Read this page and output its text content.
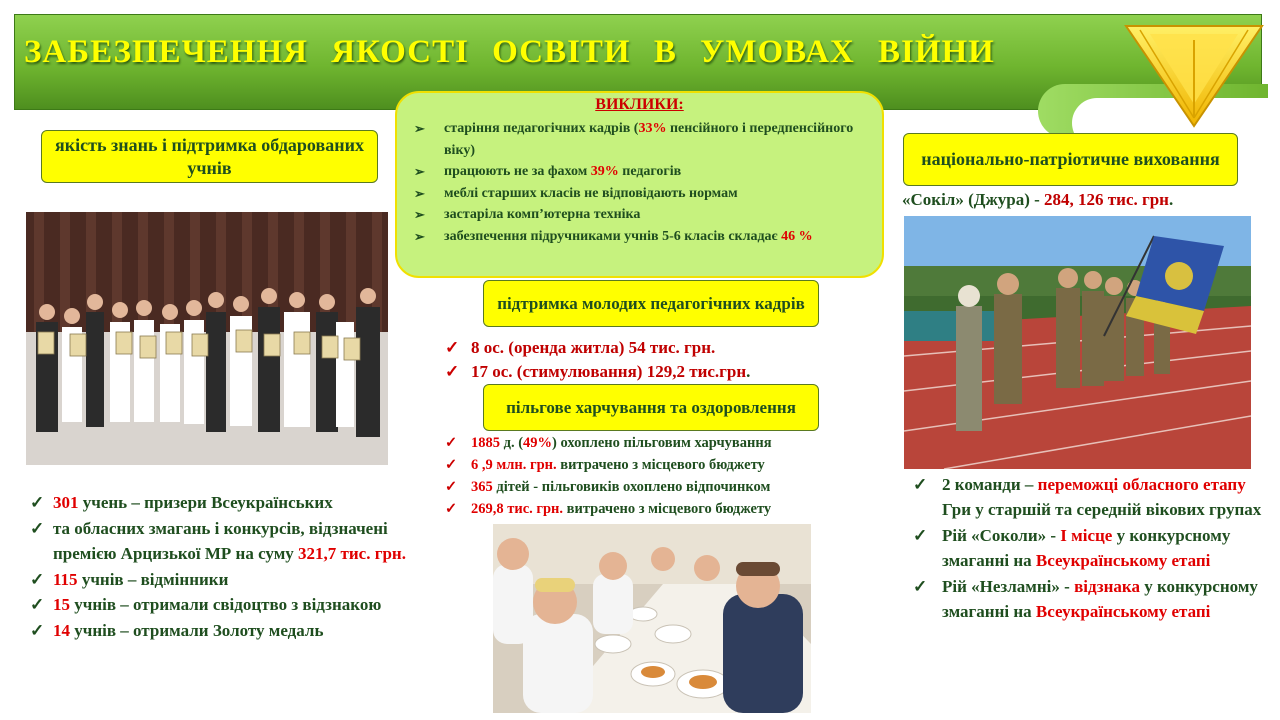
ЗАБЕЗПЕЧЕННЯ ЯКОСТІ ОСВІТИ В УМОВАХ ВІЙНИ
ВИКЛИКИ:
➢ старіння педагогічних кадрів (33% пенсійного і передпенсійного віку)
➢ працюють не за фахом 39% педагогів
➢ меблі старших класів не відповідають нормам
➢ застаріла комп’ютерна техніка
➢ забезпечення підручниками учнів 5-6 класів складає 46 %
якість знань і підтримка обдарованих учнів
✓ 301 учень – призери Всеукраїнських
✓ та обласних змагань і конкурсів, відзначені премією Арцизької МР на суму 321,7 тис. грн.
✓ 115 учнів – відмінники
✓ 15 учнів – отримали свідоцтво з відзнакою
✓ 14 учнів – отримали Золоту медаль
підтримка молодих педагогічних кадрів
✓ 8 ос. (оренда житла) 54 тис. грн.
✓ 17 ос. (стимулювання) 129,2 тис.грн.
пільгове харчування та оздоровлення
✓ 1885 д. (49%) охоплено пільговим харчування
✓ 6 ,9 млн. грн. витрачено з місцевого бюджету
✓ 365 дітей - пільговиків охоплено відпочинком
✓ 269,8 тис. грн. витрачено з місцевого бюджету
національно-патріотичне виховання
«Сокіл» (Джура) - 284, 126 тис. грн.
✓ 2 команди – переможці обласного етапу Гри у старшій та середній вікових групах
✓ Рій «Соколи» - І місце у конкурсному змаганні на Всеукраїнському етапі
✓ Рій «Незламні» - відзнака у конкурсному змаганні на Всеукраїнському етапі
